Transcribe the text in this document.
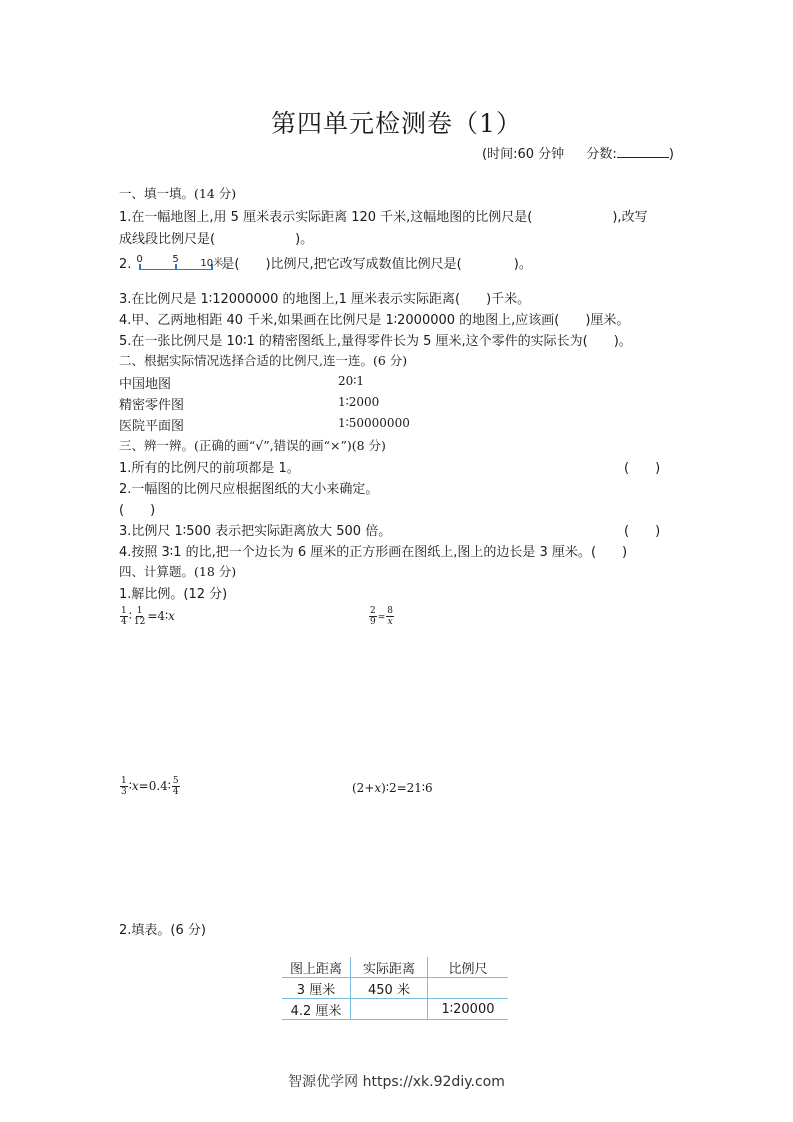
第四单元检测卷（1）
(时间:60 分钟 分数:	)
一、填一填。(14 分)
1.在一幅地图上,用 5 厘米表示实际距离 120 千米,这幅地图的比例尺是(	),改写
成线段比例尺是(	)。
2. 0	5 10米
是(　　)比例尺,把它改写成数值比例尺是(　　　　)。
3.在比例尺是 1∶12000000 的地图上,1 厘米表示实际距离(　　)千米。
4.甲、乙两地相距 40 千米,如果画在比例尺是 1∶2000000 的地图上,应该画(　　)厘米。
5.在一张比例尺是 10∶1 的精密图纸上,量得零件长为 5 厘米,这个零件的实际长为(　　)。
二、根据实际情况选择合适的比例尺,连一连。(6 分)
中国地图
精密零件图
医院平面图
20∶1
1∶2000
1∶50000000
三、辨一辨。(正确的画“√”,错误的画“×”)(8 分)
1.所有的比例尺的前项都是 1。	(　　)
2.一幅图的比例尺应根据图纸的大小来确定。
(　　)
3.比例尺 1∶500 表示把实际距离放大 500 倍。	(　　)
4.按照 3∶1 的比,把一个边长为 6 厘米的正方形画在图纸上,图上的边长是 3 厘米。(　　)
四、计算题。(18 分)
1.解比例。(12 分)
$\frac{1}{4}$ ∶ $\frac{1}{12}$ =4∶x	$\frac{2}{9} = \frac{8}{x}$
$\frac{1}{3}$ ∶x=0.4∶ $\frac{5}{4}$	(2+x)∶2=21∶6
2.填表。(6 分)
图上距离	实际距离	比例尺
3 厘米	450 米	
4.2 厘米		1∶20000
智源优学网 https://xk.92diy.com
